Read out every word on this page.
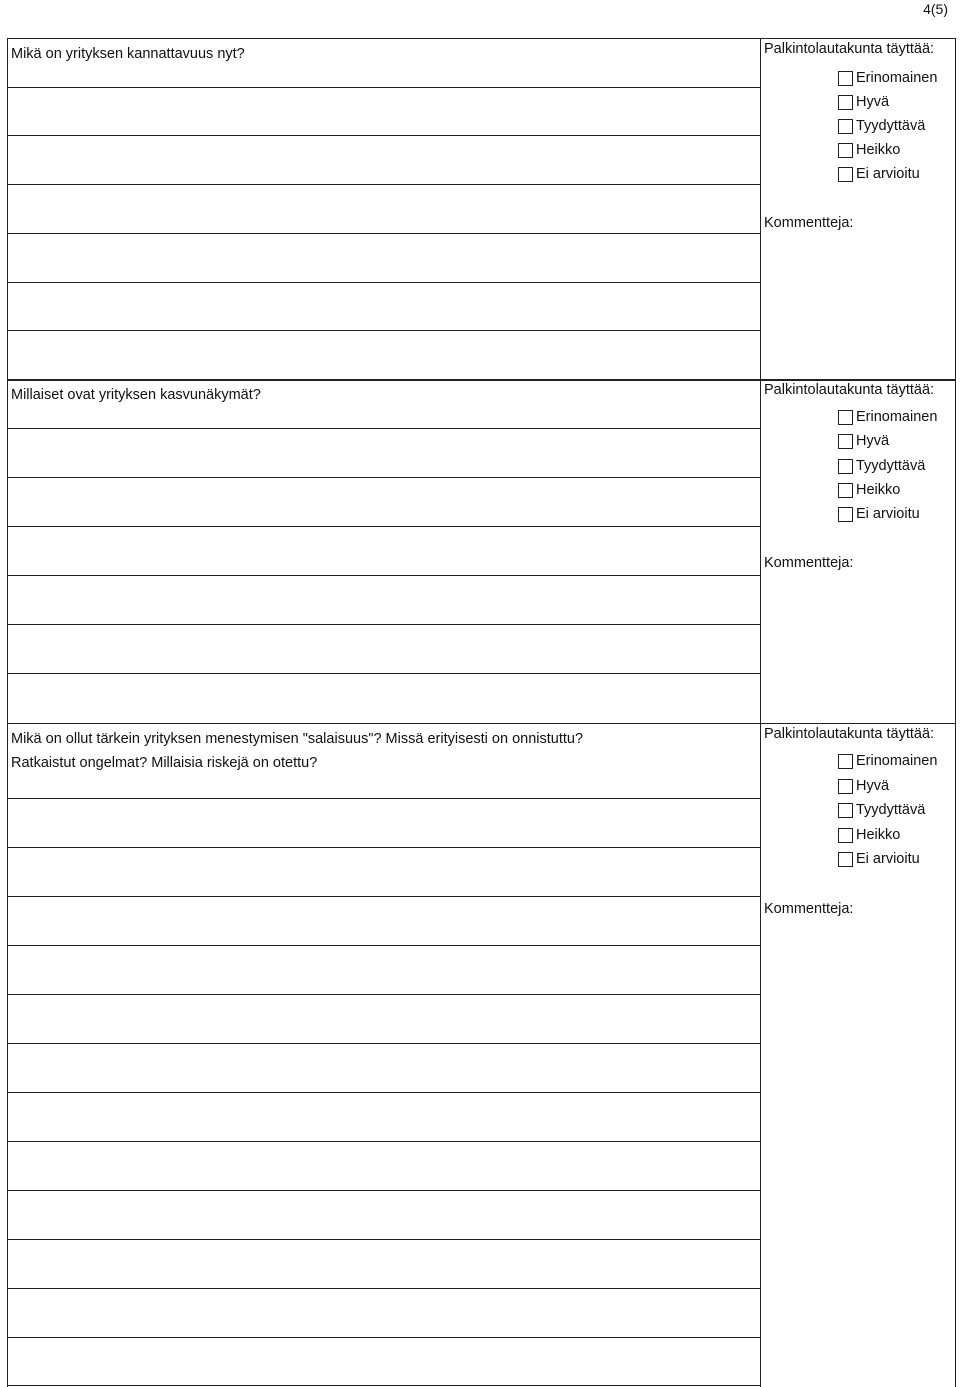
4(5)
Mikä on yrityksen kannattavuus nyt?	Palkintolautakunta täyttää:
Erinomainen
Hyvä
Tyydyttävä
Heikko
Ei arvioitu
Kommentteja:
Millaiset ovat yrityksen kasvunäkymät?	Palkintolautakunta täyttää:
Erinomainen
Hyvä
Tyydyttävä
Heikko
Ei arvioitu
Kommentteja:
Mikä on ollut tärkein yrityksen menestymisen "salaisuus"? Missä erityisesti on onnistuttu?
Ratkaistut ongelmat? Millaisia riskejä on otettu?
Palkintolautakunta täyttää:
Erinomainen
Hyvä
Tyydyttävä
Heikko
Ei arvioitu
Kommentteja:
